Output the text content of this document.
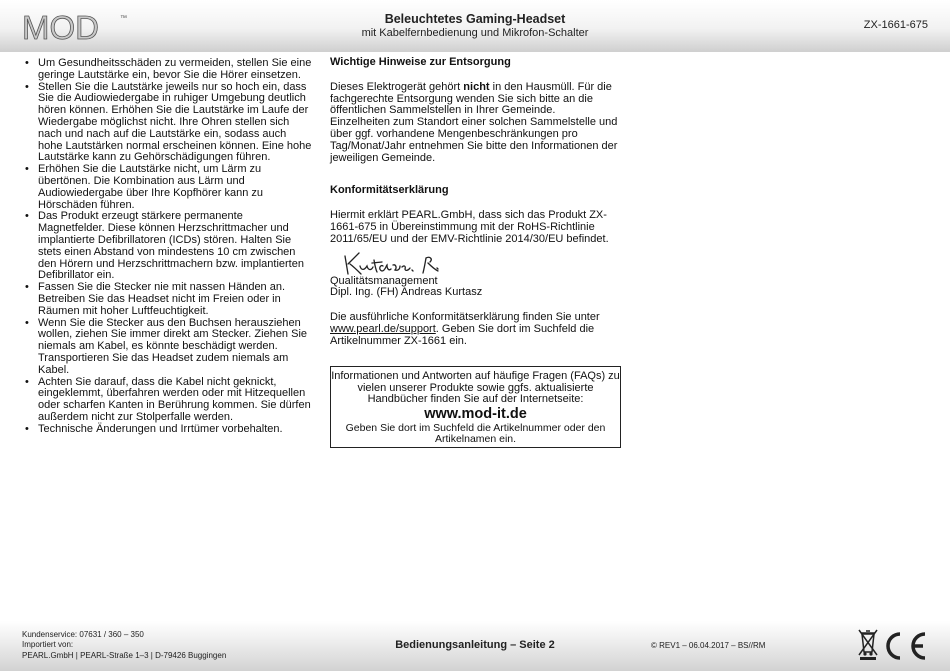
MOD	™	Beleuchtetes Gaming-Headset
mit Kabelfernbedienung und Mikrofon-Schalter
ZX-1661-675
• Um Gesundheitsschäden zu vermeiden, stellen Sie eine geringe Lautstärke ein, bevor Sie die Hörer einsetzen.
• Stellen Sie die Lautstärke jeweils nur so hoch ein, dass Sie die Audiowiedergabe in ruhiger Umgebung deutlich hören können. Erhöhen Sie die Lautstärke im Laufe der Wiedergabe möglichst nicht. Ihre Ohren stellen sich nach und nach auf die Lautstärke ein, sodass auch hohe Lautstärken normal erscheinen können. Eine hohe Lautstärke kann zu Gehörschädigungen führen.
• Erhöhen Sie die Lautstärke nicht, um Lärm zu übertönen. Die Kombination aus Lärm und Audiowiedergabe über Ihre Kopfhörer kann zu Hörschäden führen.
• Das Produkt erzeugt stärkere permanente Magnetfelder. Diese können Herzschrittmacher und implantierte Defibrillatoren (ICDs) stören. Halten Sie stets einen Abstand von mindestens 10 cm zwischen den Hörern und Herzschrittmachern bzw. implantierten Defibrillator ein.
• Fassen Sie die Stecker nie mit nassen Händen an. Betreiben Sie das Headset nicht im Freien oder in Räumen mit hoher Luftfeuchtigkeit.
• Wenn Sie die Stecker aus den Buchsen herausziehen wollen, ziehen Sie immer direkt am Stecker. Ziehen Sie niemals am Kabel, es könnte beschädigt werden. Transportieren Sie das Headset zudem niemals am Kabel.
• Achten Sie darauf, dass die Kabel nicht geknickt, eingeklemmt, überfahren werden oder mit Hitzequellen oder scharfen Kanten in Berührung kommen. Sie dürfen außerdem nicht zur Stolperfalle werden.
• Technische Änderungen und Irrtümer vorbehalten.
Wichtige Hinweise zur Entsorgung
Dieses Elektrogerät gehört nicht in den Hausmüll. Für die fachgerechte Entsorgung wenden Sie sich bitte an die öffentlichen Sammelstellen in Ihrer Gemeinde.
Einzelheiten zum Standort einer solchen Sammelstelle und über ggf. vorhandene Mengenbeschränkungen pro Tag/Monat/Jahr entnehmen Sie bitte den Informationen der jeweiligen Gemeinde.
Konformitätserklärung
Hiermit erklärt PEARL.GmbH, dass sich das Produkt ZX-1661-675 in Übereinstimmung mit der RoHS-Richtlinie 2011/65/EU und der EMV-Richtlinie 2014/30/EU befindet.
Qualitätsmanagement
Dipl. Ing. (FH) Andreas Kurtasz
Die ausführliche Konformitätserklärung finden Sie unter www.pearl.de/support. Geben Sie dort im Suchfeld die Artikelnummer ZX-1661 ein.
Informationen und Antworten auf häufige Fragen (FAQs) zu vielen unserer Produkte sowie ggfs. aktualisierte Handbücher finden Sie auf der Internetseite:
www.mod-it.de
Geben Sie dort im Suchfeld die Artikelnummer oder den Artikelnamen ein.
Kundenservice: 07631 / 360 – 350
Importiert von:
PEARL.GmbH | PEARL-Straße 1–3 | D-79426 Buggingen
Bedienungsanleitung – Seite 2	© REV1 – 06.04.2017 – BS//RM
